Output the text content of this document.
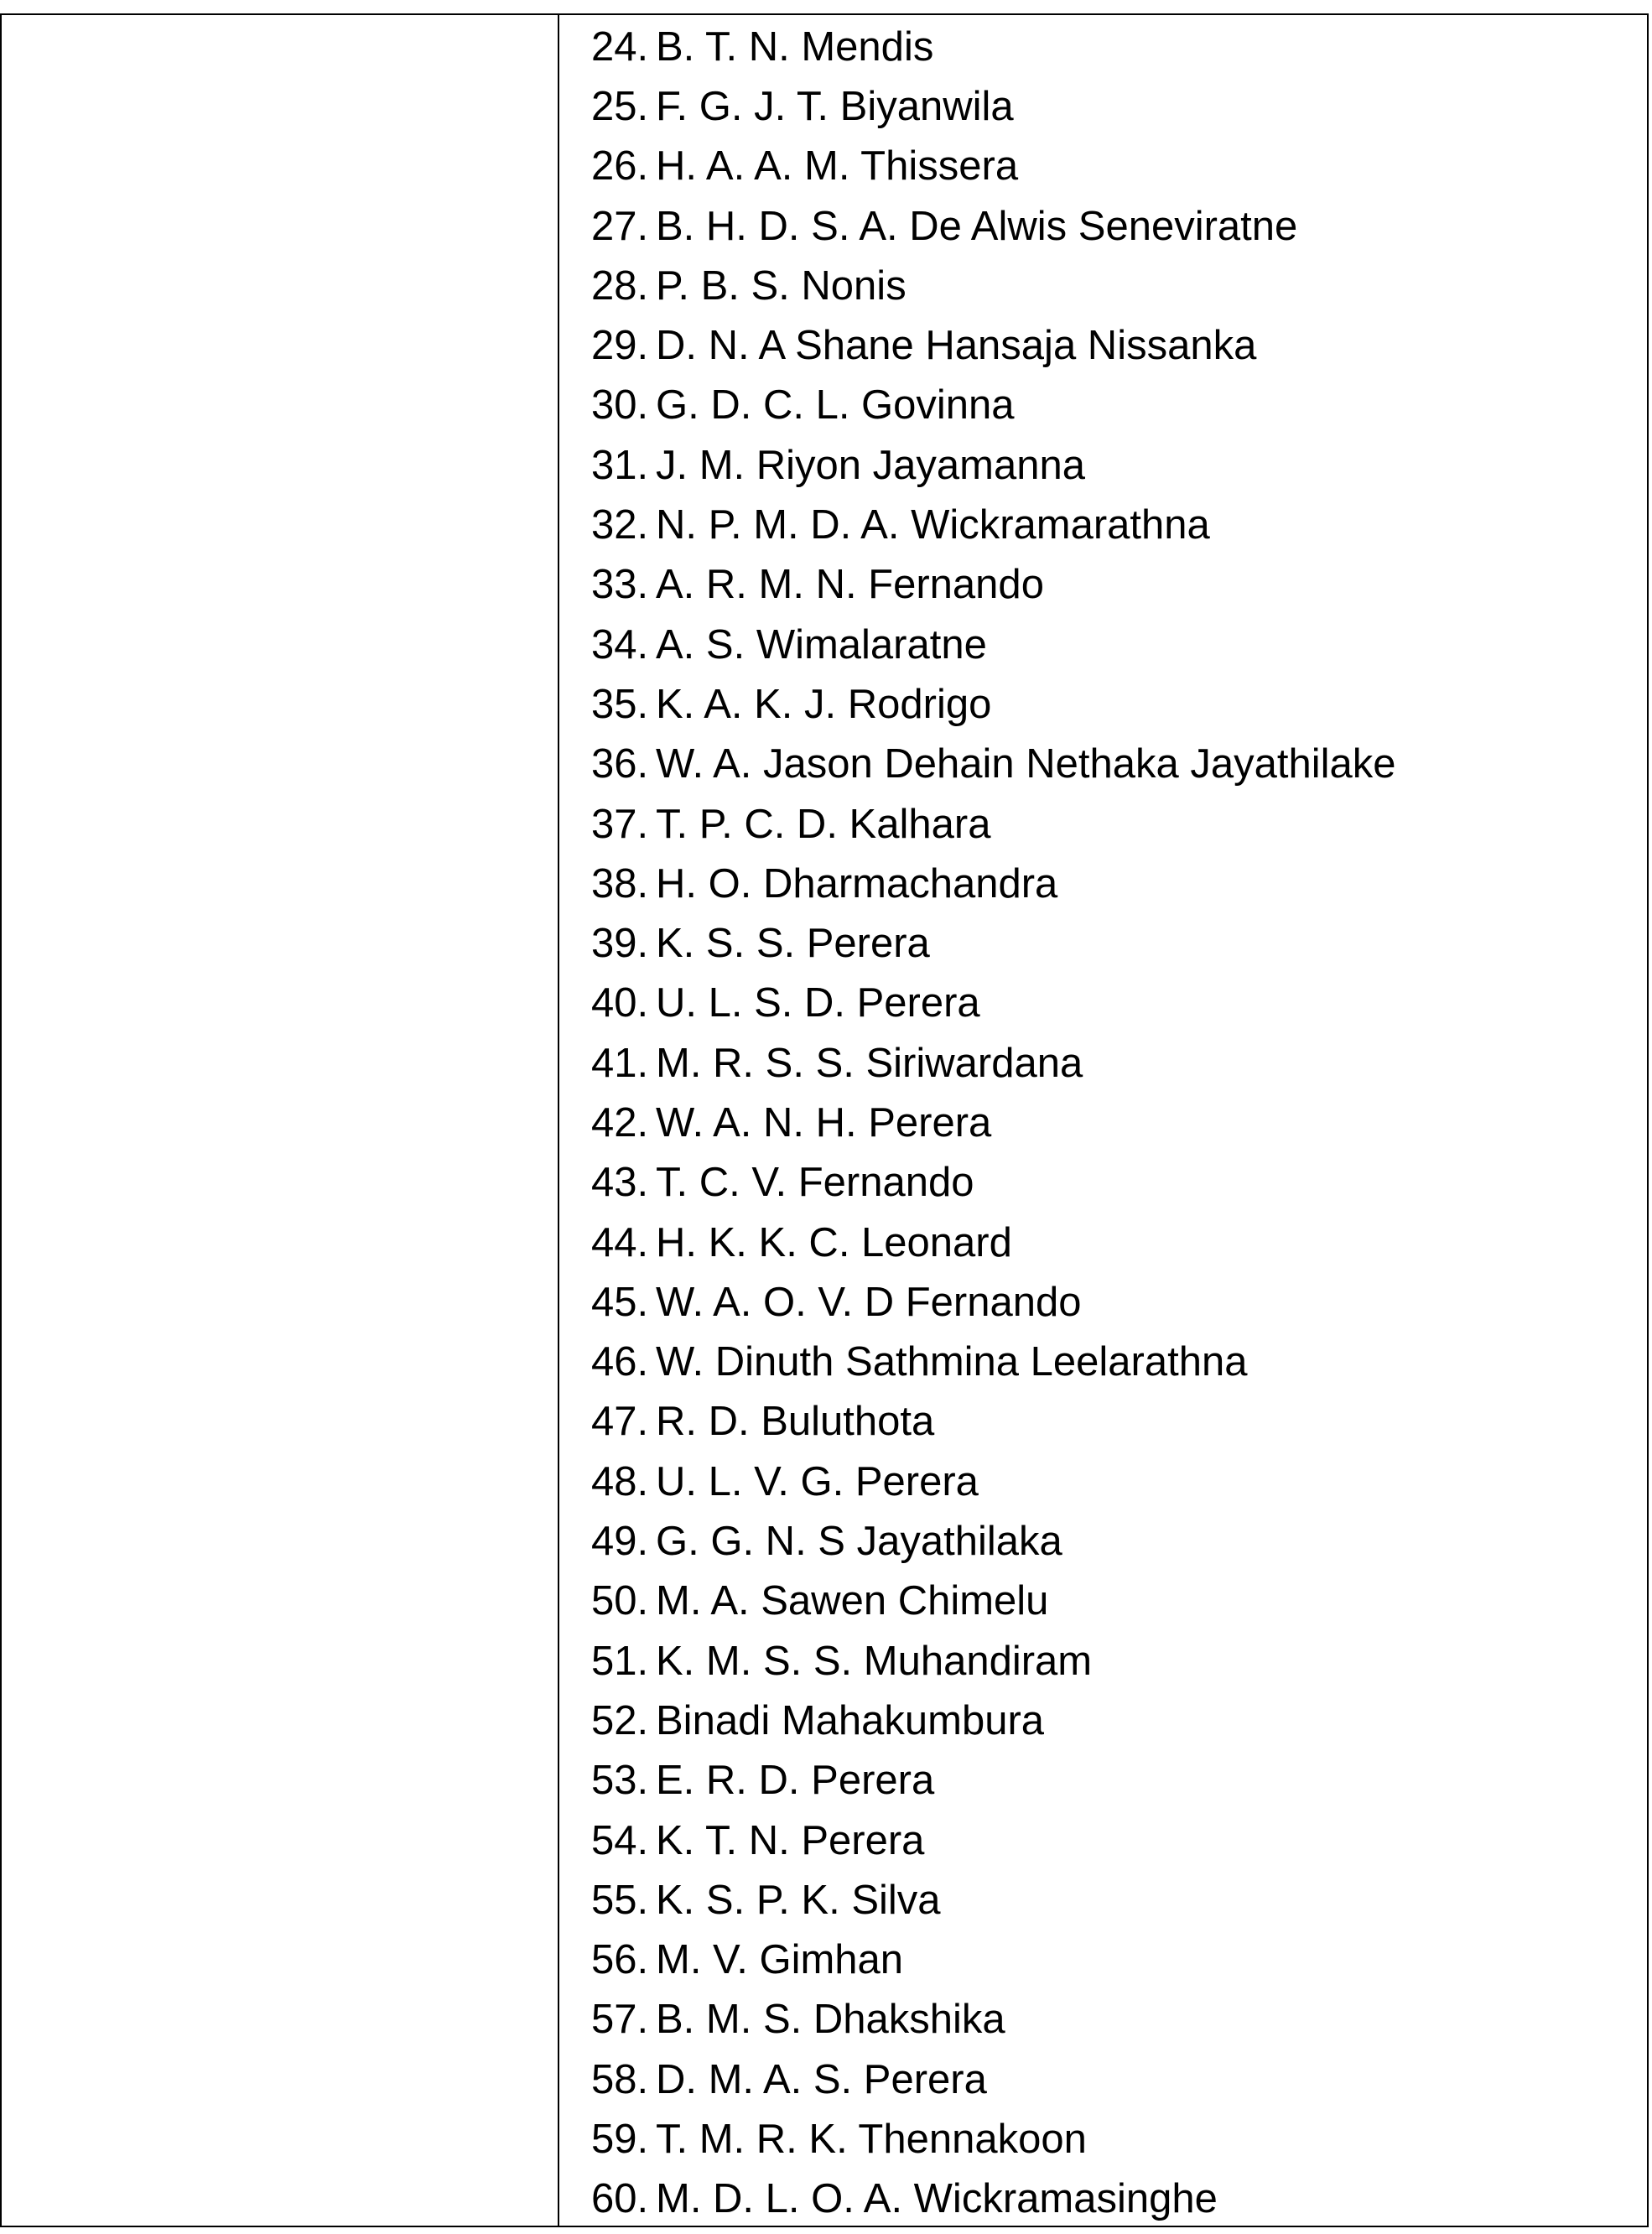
24. B. T. N. Mendis
25. F. G. J. T. Biyanwila
26. H. A. A. M. Thissera
27. B. H. D. S. A. De Alwis Seneviratne
28. P. B. S. Nonis
29. D. N. A Shane Hansaja Nissanka
30. G. D. C. L. Govinna
31. J. M. Riyon Jayamanna
32. N. P. M. D. A. Wickramarathna
33. A. R. M. N. Fernando
34. A. S. Wimalaratne
35. K. A. K. J. Rodrigo
36. W. A. Jason Dehain Nethaka Jayathilake
37. T. P. C. D. Kalhara
38. H. O. Dharmachandra
39. K. S. S. Perera
40. U. L. S. D. Perera
41. M. R. S. S. Siriwardana
42. W. A. N. H. Perera
43. T. C. V. Fernando
44. H. K. K. C. Leonard
45. W. A. O. V. D Fernando
46. W. Dinuth Sathmina Leelarathna
47. R. D. Buluthota
48. U. L. V. G. Perera
49. G. G. N. S Jayathilaka
50. M. A. Sawen Chimelu
51. K. M. S. S. Muhandiram
52. Binadi Mahakumbura
53. E. R. D. Perera
54. K. T. N. Perera
55. K. S. P. K. Silva
56. M. V. Gimhan
57. B. M. S. Dhakshika
58. D. M. A. S. Perera
59. T. M. R. K. Thennakoon
60. M. D. L. O. A. Wickramasinghe
